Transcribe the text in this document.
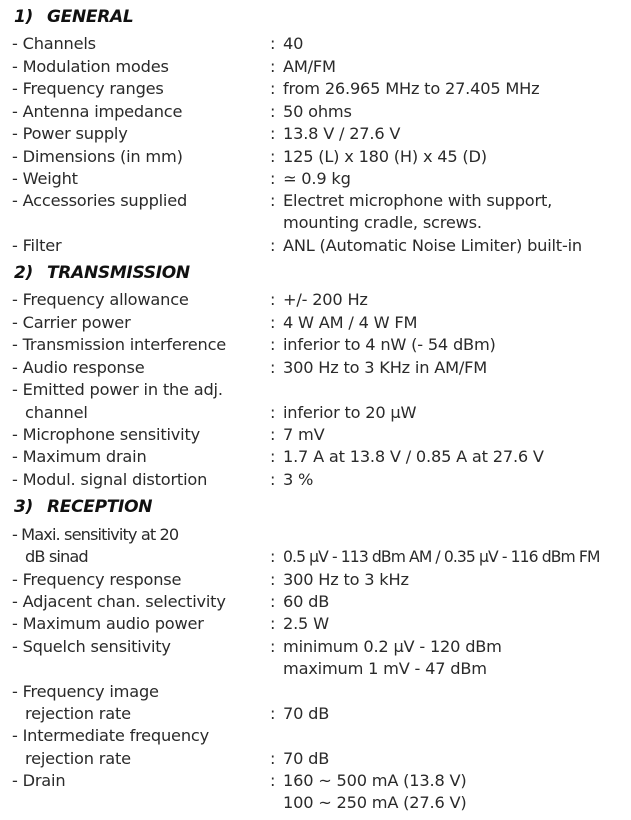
1) GENERAL
- Channels	: 40
- Modulation modes	: AM/FM
- Frequency ranges	: from 26.965 MHz to 27.405 MHz
- Antenna impedance	: 50 ohms
- Power supply	: 13.8 V / 27.6 V
- Dimensions (in mm)	: 125 (L) x 180 (H) x 45 (D)
- Weight	: ≃ 0.9 kg
- Accessories supplied	: Electret microphone with support,
mounting cradle, screws.
- Filter	: ANL (Automatic Noise Limiter) built-in
2) TRANSMISSION
- Frequency allowance	: +/- 200 Hz
- Carrier power	: 4 W AM / 4 W FM
- Transmission interference	: inferior to 4 nW (- 54 dBm)
- Audio response	: 300 Hz to 3 KHz in AM/FM
- Emitted power in the adj.
channel	: inferior to 20 µW
- Microphone sensitivity	: 7 mV
- Maximum drain	: 1.7 A at 13.8 V / 0.85 A at 27.6 V
- Modul. signal distortion	: 3 %
3) RECEPTION
- Maxi. sensitivity at 20
dB sinad	: 0.5 µV - 113 dBm AM / 0.35 µV - 116 dBm FM
- Frequency response	: 300 Hz to 3 kHz
- Adjacent chan. selectivity	: 60 dB
- Maximum audio power	: 2.5 W
- Squelch sensitivity	: minimum 0.2 µV - 120 dBm
maximum 1 mV - 47 dBm
- Frequency image
rejection rate	: 70 dB
- Intermediate frequency
rejection rate	: 70 dB
- Drain	: 160 ~ 500 mA (13.8 V)
100 ~ 250 mA (27.6 V)
